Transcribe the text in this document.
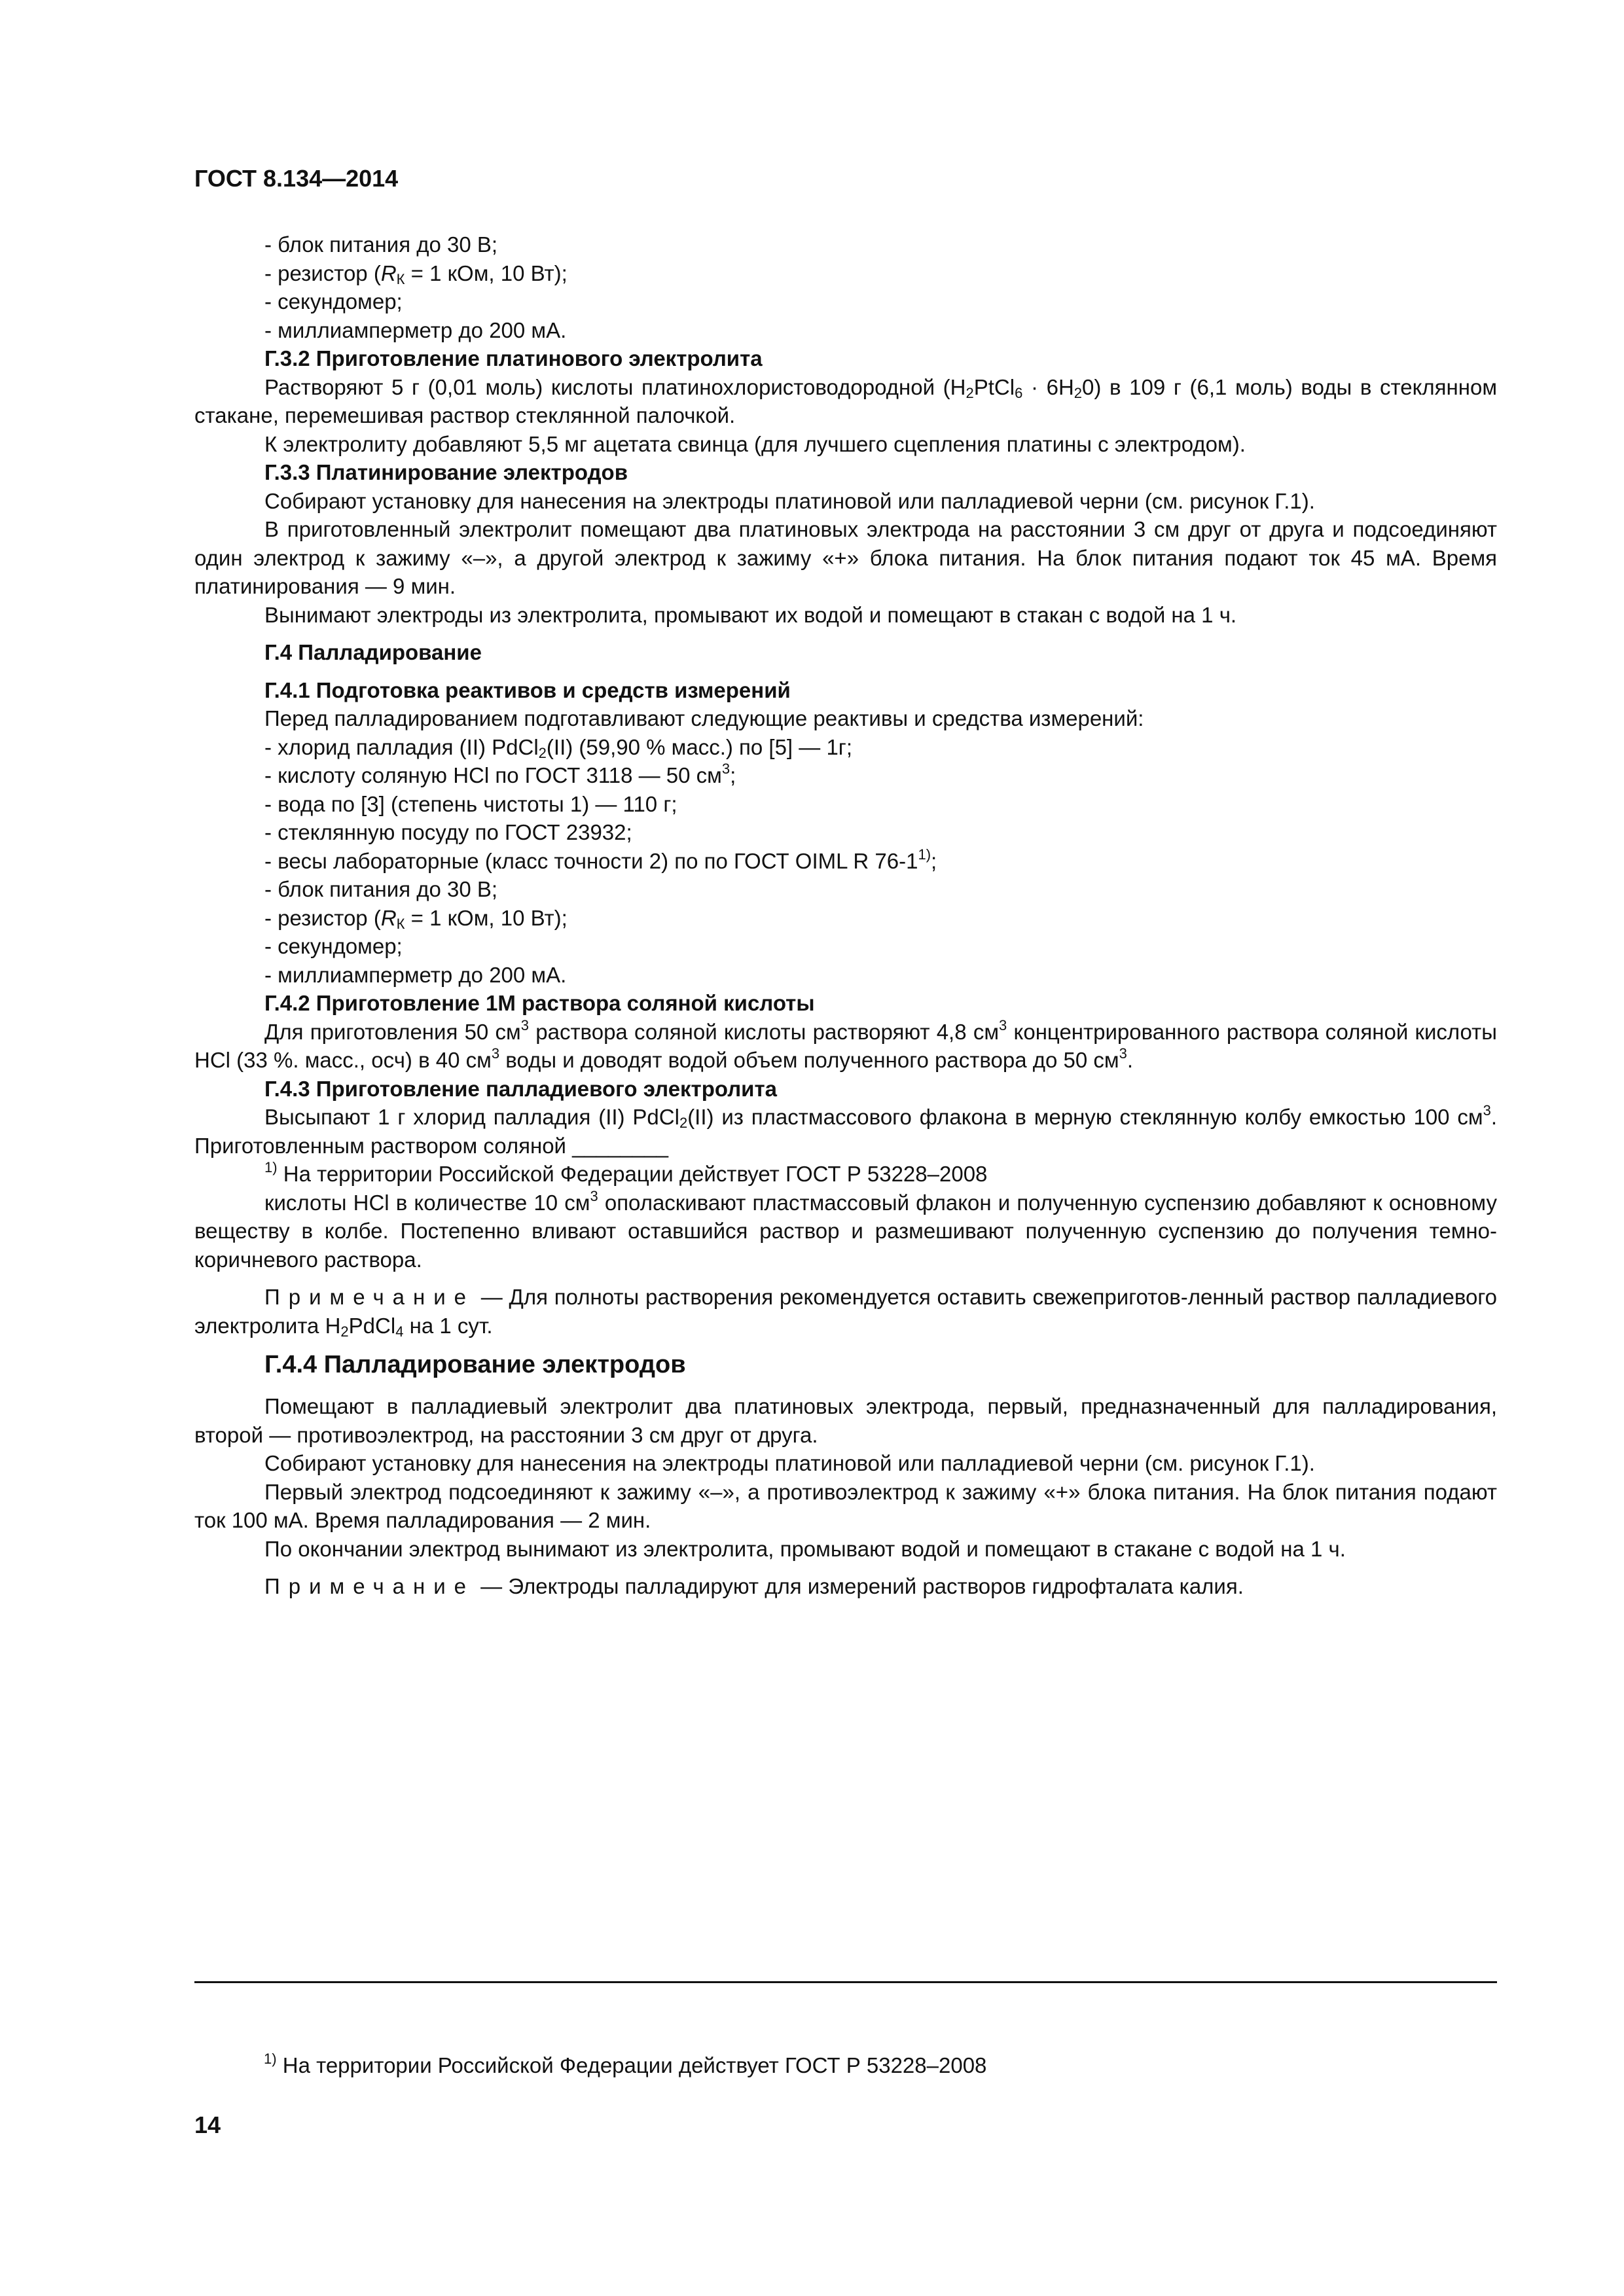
ГОСТ 8.134—2014
- блок питания до 30 В;
- резистор ($R_К = 1$ кОм, 10 Вт);
- секундомер;
- миллиамперметр до 200 мА.
Г.3.2 Приготовление платинового электролита

Растворяют 5 г (0,01 моль) кислоты платинохлористоводородной $(H_2PtCl_6 \cdot 6H_20)$ в 109 г (6,1 моль) воды в стеклянном стакане, перемешивая раствор стеклянной палочкой.

К электролиту добавляют 5,5 мг ацетата свинца (для лучшего сцепления платины с электродом).

Г.3.3 Платинирование электродов

Собирают установку для нанесения на электроды платиновой или палладиевой черни (см. рисунок Г.1).

В приготовленный электролит помещают два платиновых электрода на расстоянии 3 см друг от друга и подсоединяют один электрод к зажиму «–», а другой электрод к зажиму «+» блока питания. На блок питания подают ток 45 мА. Время платинирования — 9 мин.

Вынимают электроды из электролита, промывают их водой и помещают в стакан с водой на 1 ч.

Г.4 Палладирование
Г.4.1 Подготовка реактивов и средств измерений

Перед палладированием подготавливают следующие реактивы и средства измерений:

- хлорид палладия (II) PdCl$_2$(II) (59,90 % масс.) по [5] — 1г;
- кислоту соляную HCl по ГОСТ 3118 — 50 $см^3$;
- вода по [3] (степень чистоты 1) — 110 г;
- стеклянную посуду по ГОСТ 23932;
- весы лабораторные (класс точности 2) по по ГОСТ OIML R 76-1$^{1)}$;
- блок питания до 30 В;
- резистор ($R_К = 1$ кОм, 10 Вт);
- секундомер;
- миллиамперметр до 200 мА.
Г.4.2 Приготовление 1М раствора соляной кислоты

Для приготовления 50 $см^3$ раствора соляной кислоты растворяют 4,8 $см^3$ концентрированного раствора соляной кислоты HCl (33 %. масс., осч) в 40 $см^3$ воды и доводят водой объем полученного раствора до 50 $см^3$.

Г.4.3 Приготовление палладиевого электролита

Высыпают 1 г хлорид палладия (II) PdCl$_2$(II) из пластмассового флакона в мерную стеклянную колбу емкостью 100 $см^3$. Приготовленным раствором соляной ________

$^{1)}$ На территории Российской Федерации действует ГОСТ Р 53228–2008

кислоты HCl в количестве 10 $см^3$ ополаскивают пластмассовый флакон и полученную суспензию добавляют к основному веществу в колбе. Постепенно вливают оставшийся раствор и размешивают полученную суспензию до получения темно-коричневого раствора.

Примечание — Для полноты растворения рекомендуется оставить свежеприготов-ленный раствор палладиевого электролита $H_2PdCl_4$ на 1 сут.

Г.4.4 Палладирование электродов

Помещают в палладиевый электролит два платиновых электрода, первый, предназначенный для палладирования, второй — противоэлектрод, на расстоянии 3 см друг от друга.

Собирают установку для нанесения на электроды платиновой или палладиевой черни (см. рисунок Г.1).

Первый электрод подсоединяют к зажиму «–», а противоэлектрод к зажиму «+» блока питания. На блок питания подают ток 100 мА. Время палладирования — 2 мин.

По окончании электрод вынимают из электролита, промывают водой и помещают в стакане с водой на 1 ч.

Примечание — Электроды палладируют для измерений растворов гидрофталата калия.

$^{1)}$ На территории Российской Федерации действует ГОСТ Р 53228–2008
14
